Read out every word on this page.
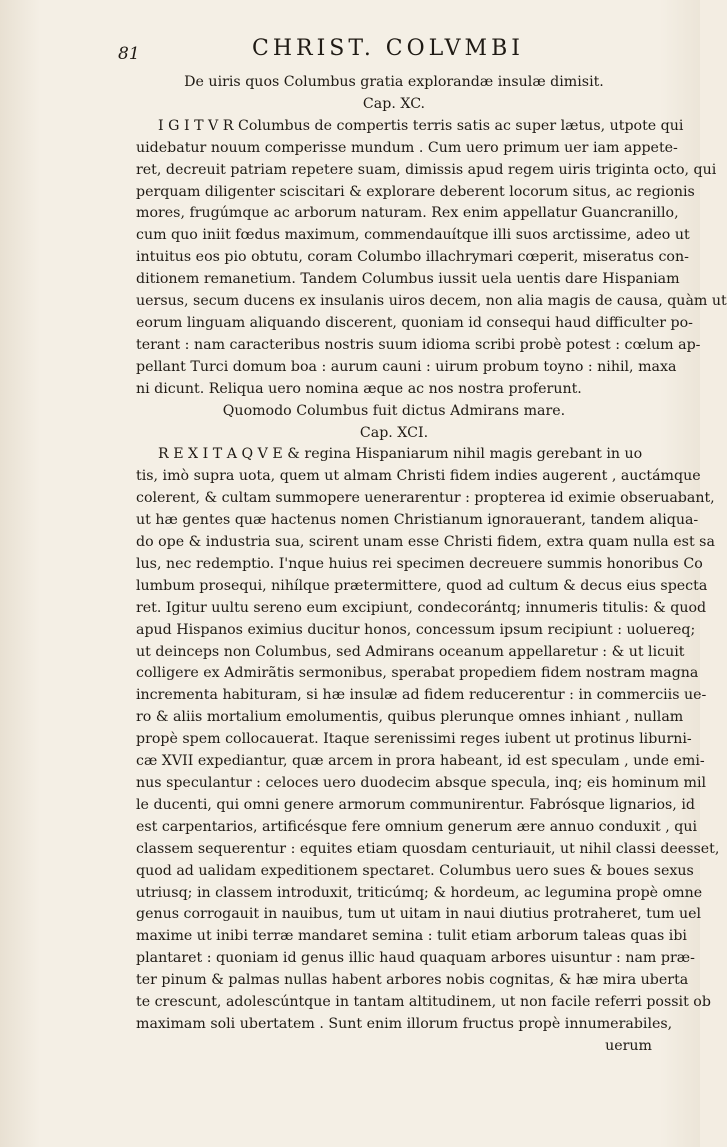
81	CHRIST. COLVMBI
De uiris quos Columbus gratia explorandæ insulæ dimisit.
Cap. XC.
I G I T V R Columbus de compertis terris satis ac super lætus, utpote qui
uidebatur nouum comperisse mundum . Cum uero primum uer iam appete-
ret, decreuit patriam repetere suam, dimissis apud regem uiris triginta octo, qui
perquam diligenter sciscitari & explorare deberent locorum situs, ac regionis
mores, frugúmque ac arborum naturam. Rex enim appellatur Guancranillo,
cum quo iniit fœdus maximum, commendauítque illi suos arctissime, adeo ut
intuitus eos pio obtutu, coram Columbo illachrymari cœperit, miseratus con-
ditionem remanetium. Tandem Columbus iussit uela uentis dare Hispaniam
uersus, secum ducens ex insulanis uiros decem, non alia magis de causa, quàm ut
eorum linguam aliquando discerent, quoniam id consequi haud difficulter po-
terant : nam caracteribus nostris suum idioma scribi probè potest : cœlum ap-
pellant Turci domum boa : aurum cauni : uirum probum toyno : nihil, maxa
ni dicunt. Reliqua uero nomina æque ac nos nostra proferunt.
Quomodo Columbus fuit dictus Admirans mare.
Cap. XCI.
R E X I T A Q V E & regina Hispaniarum nihil magis gerebant in uo
tis, imò supra uota, quem ut almam Christi fidem indies augerent , auctámque
colerent, & cultam summopere uenerarentur : propterea id eximie obseruabant,
ut hæ gentes quæ hactenus nomen Christianum ignorauerant, tandem aliqua-
do ope & industria sua, scirent unam esse Christi fidem, extra quam nulla est sa
lus, nec redemptio. I'nque huius rei specimen decreuere summis honoribus Co
lumbum prosequi, nihílque prætermittere, quod ad cultum & decus eius specta
ret. Igitur uultu sereno eum excipiunt, condecorántq; innumeris titulis: & quod
apud Hispanos eximius ducitur honos, concessum ipsum recipiunt : uoluereq;
ut deinceps non Columbus, sed Admirans oceanum appellaretur : & ut licuit
colligere ex Admirãtis sermonibus, sperabat propediem fidem nostram magna
incrementa habituram, si hæ insulæ ad fidem reducerentur : in commerciis ue-
ro & aliis mortalium emolumentis, quibus plerunque omnes inhiant , nullam
propè spem collocauerat. Itaque serenissimi reges iubent ut protinus liburni-
cæ XVII expediantur, quæ arcem in prora habeant, id est speculam , unde emi-
nus speculantur : celoces uero duodecim absque specula, inq; eis hominum mil
le ducenti, qui omni genere armorum communirentur. Fabrósque lignarios, id
est carpentarios, artificésque fere omnium generum ære annuo conduxit , qui
classem sequerentur : equites etiam quosdam centuriauit, ut nihil classi deesset,
quod ad ualidam expeditionem spectaret. Columbus uero sues & boues sexus
utriusq; in classem introduxit, triticúmq; & hordeum, ac legumina propè omne
genus corrogauit in nauibus, tum ut uitam in naui diutius protraheret, tum uel
maxime ut inibi terræ mandaret semina : tulit etiam arborum taleas quas ibi
plantaret : quoniam id genus illic haud quaquam arbores uisuntur : nam præ-
ter pinum & palmas nullas habent arbores nobis cognitas, & hæ mira uberta
te crescunt, adolescúntque in tantam altitudinem, ut non facile referri possit ob
maximam soli ubertatem . Sunt enim illorum fructus propè innumerabiles,
uerum
